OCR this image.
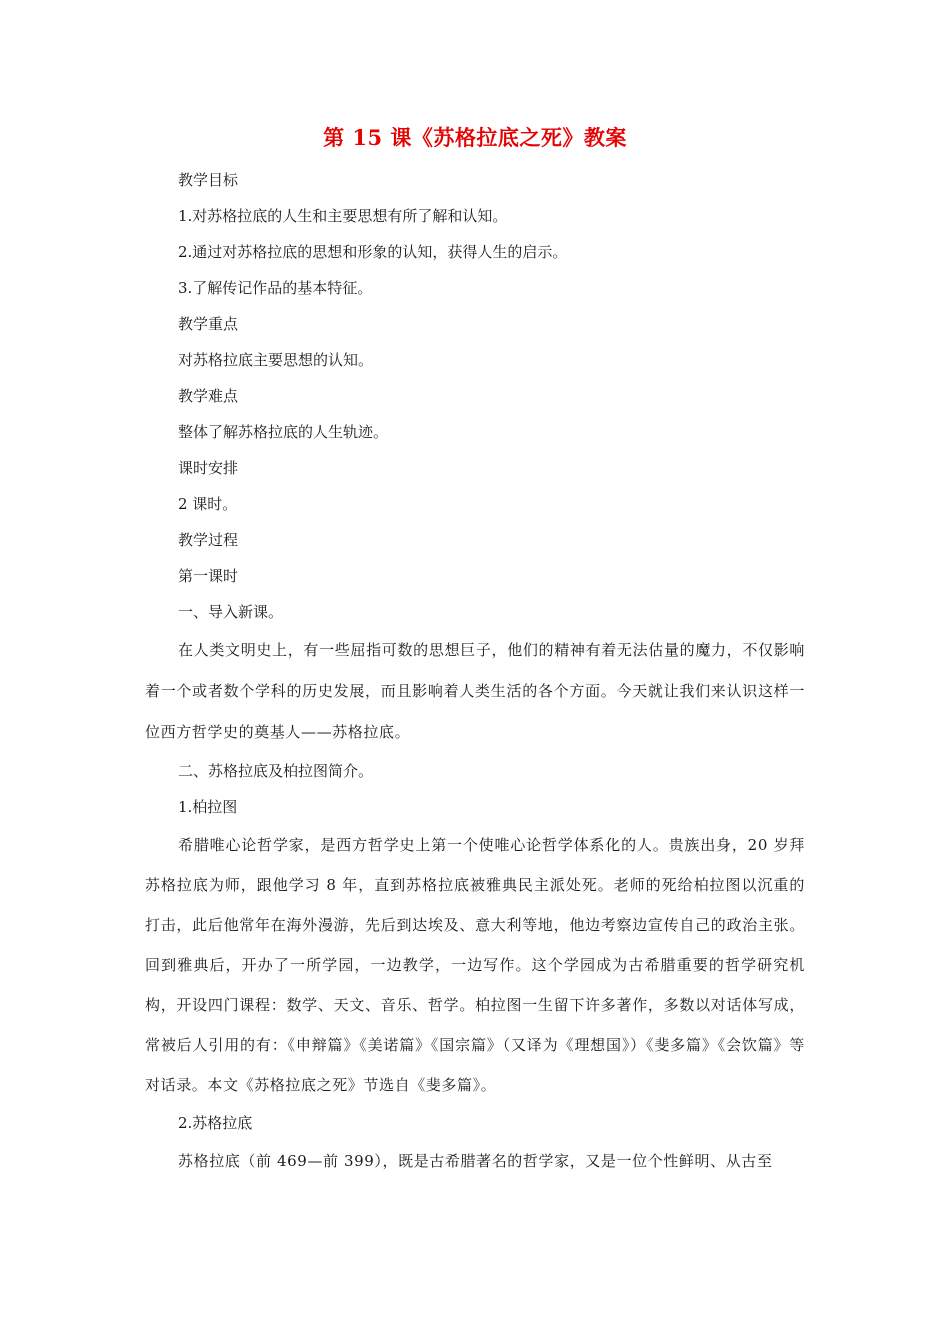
第 15 课《苏格拉底之死》教案

教学目标

1.对苏格拉底的人生和主要思想有所了解和认知。

2.通过对苏格拉底的思想和形象的认知，获得人生的启示。

3.了解传记作品的基本特征。

教学重点

对苏格拉底主要思想的认知。

教学难点

整体了解苏格拉底的人生轨迹。

课时安排

2 课时。

教学过程

第一课时

一、导入新课。

在人类文明史上，有一些屈指可数的思想巨子，他们的精神有着无法估量的魔力，不仅影响着一个或者数个学科的历史发展，而且影响着人类生活的各个方面。今天就让我们来认识这样一位西方哲学史的奠基人——苏格拉底。

二、苏格拉底及柏拉图简介。

1.柏拉图

希腊唯心论哲学家，是西方哲学史上第一个使唯心论哲学体系化的人。贵族出身，20 岁拜苏格拉底为师，跟他学习 8 年，直到苏格拉底被雅典民主派处死。老师的死给柏拉图以沉重的打击，此后他常年在海外漫游，先后到达埃及、意大利等地，他边考察边宣传自己的政治主张。回到雅典后，开办了一所学园，一边教学，一边写作。这个学园成为古希腊重要的哲学研究机构，开设四门课程：数学、天文、音乐、哲学。柏拉图一生留下许多著作，多数以对话体写成，常被后人引用的有：《申辩篇》《美诺篇》《国宗篇》（又译为《理想国》）《斐多篇》《会饮篇》等对话录。本文《苏格拉底之死》节选自《斐多篇》。

2.苏格拉底

苏格拉底（前 469—前 399），既是古希腊著名的哲学家，又是一位个性鲜明、从古至
